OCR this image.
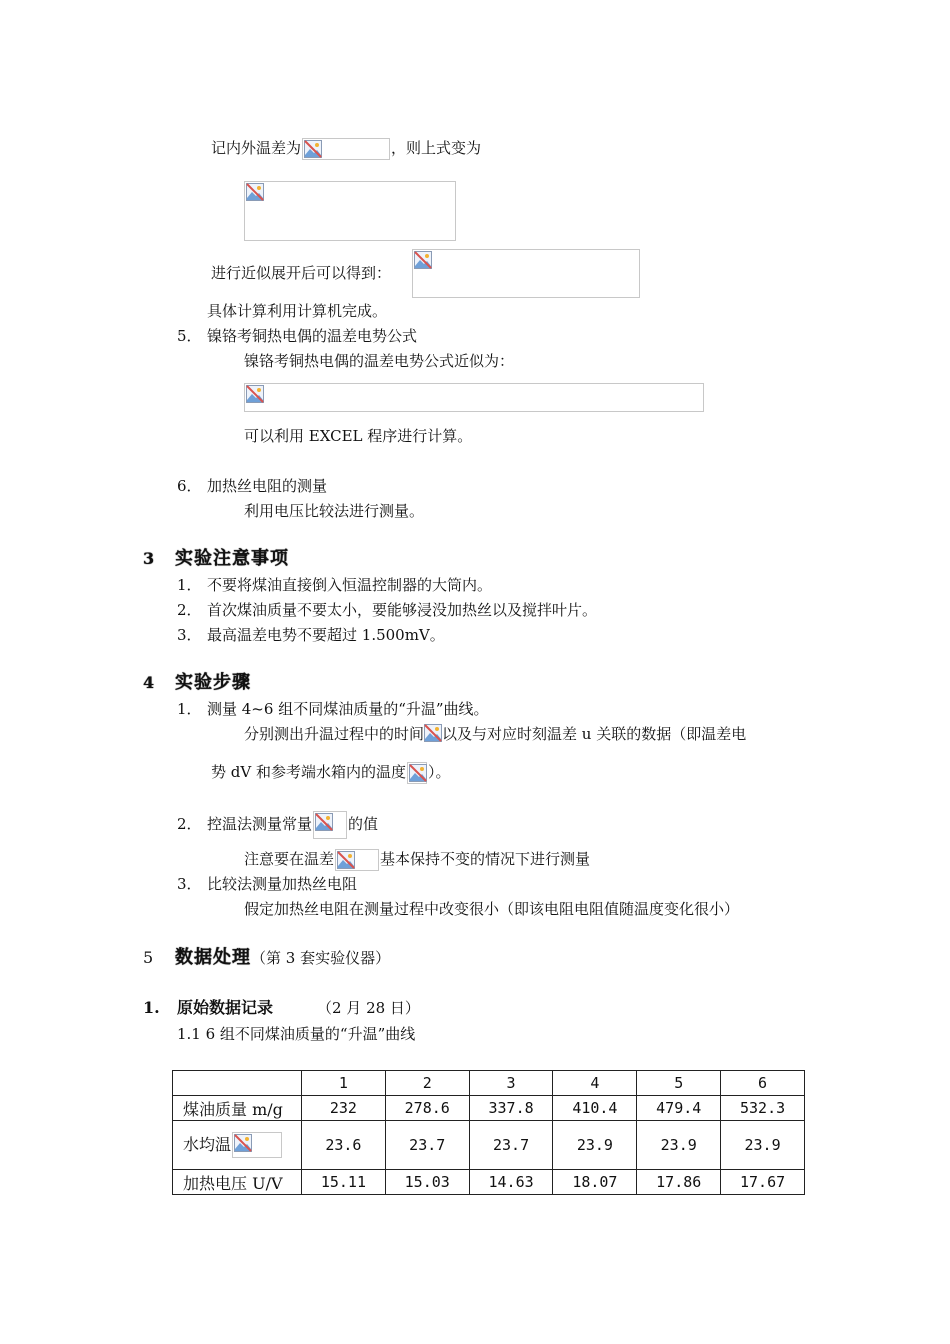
记内外温差为	，则上式变为
进行近似展开后可以得到：
具体计算利用计算机完成。
5． 镍铬考铜热电偶的温差电势公式
镍铬考铜热电偶的温差电势公式近似为：
可以利用 EXCEL 程序进行计算。
6． 加热丝电阻的测量
利用电压比较法进行测量。
3 实验注意事项
1． 不要将煤油直接倒入恒温控制器的大筒内。
2． 首次煤油质量不要太小，要能够浸没加热丝以及搅拌叶片。
3． 最高温差电势不要超过 1.500mV。
4 实验步骤
1． 测量 4~6 组不同煤油质量的“升温”曲线。
分别测出升温过程中的时间 以及与对应时刻温差 u 关联的数据（即温差电
势 dV 和参考端水箱内的温度 ）。
2． 控温法测量常量 的值
注意要在温差	基本保持不变的情况下进行测量
3． 比较法测量加热丝电阻
假定加热丝电阻在测量过程中改变很小（即该电阻电阻值随温度变化很小）
5 数据处理（第 3 套实验仪器）
1. 原始数据记录	（2 月 28 日）
1.1 6 组不同煤油质量的“升温”曲线
	1	2	3	4	5	6
煤油质量 m/g	232	278.6	337.8	410.4	479.4	532.3
水均温	23.6	23.7	23.7	23.9	23.9	23.9
加热电压 U/V	15.11	15.03	14.63	18.07	17.86	17.67
